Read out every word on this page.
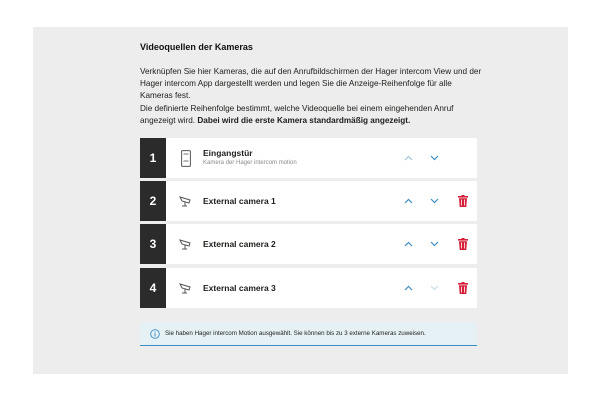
Videoquellen der Kameras

Verknüpfen Sie hier Kameras, die auf den Anrufbildschirmen der Hager intercom View und der Hager intercom App dargestellt werden und legen Sie die Anzeige-Reihenfolge für alle Kameras fest.

Die definierte Reihenfolge bestimmt, welche Videoquelle bei einem eingehenden Anruf angezeigt wird. Dabei wird die erste Kamera standardmäßig angezeigt.

1	Eingangstür
Kamera der Hager intercom motion
2	External camera 1
3	External camera 2
4	External camera 3
Sie haben Hager intercom Motion ausgewählt. Sie können bis zu 3 externe Kameras zuweisen.
